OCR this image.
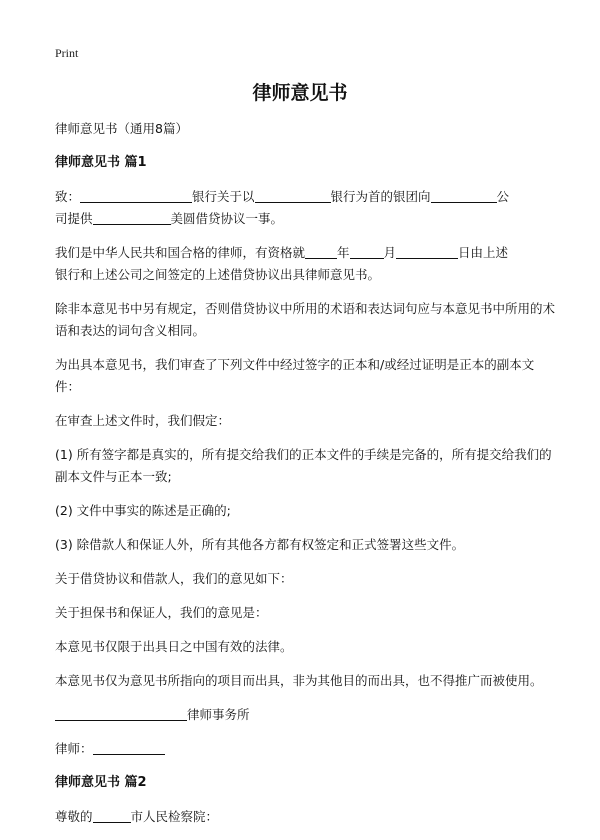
Print
律师意见书

律师意见书（通用8篇）

律师意见书 篇1

致：	银行关于以	银行为首的银团向	公
司提供	美圆借贷协议一事。

我们是中华人民共和国合格的律师，有资格就	年	月	日由上述
银行和上述公司之间签定的上述借贷协议出具律师意见书。

除非本意见书中另有规定，否则借贷协议中所用的术语和表达词句应与本意见书中所用的术语和表达的词句含义相同。

为出具本意见书，我们审查了下列文件中经过签字的正本和/或经过证明是正本的副本文件：

在审查上述文件时，我们假定：

(1) 所有签字都是真实的，所有提交给我们的正本文件的手续是完备的，所有提交给我们的副本文件与正本一致;

(2) 文件中事实的陈述是正确的;

(3) 除借款人和保证人外，所有其他各方都有权签定和正式签署这些文件。

关于借贷协议和借款人，我们的意见如下：

关于担保书和保证人，我们的意见是：

本意见书仅限于出具日之中国有效的法律。

本意见书仅为意见书所指向的项目而出具，非为其他目的而出具，也不得推广而被使用。

律师事务所

律师：

律师意见书 篇2

尊敬的	市人民检察院：
